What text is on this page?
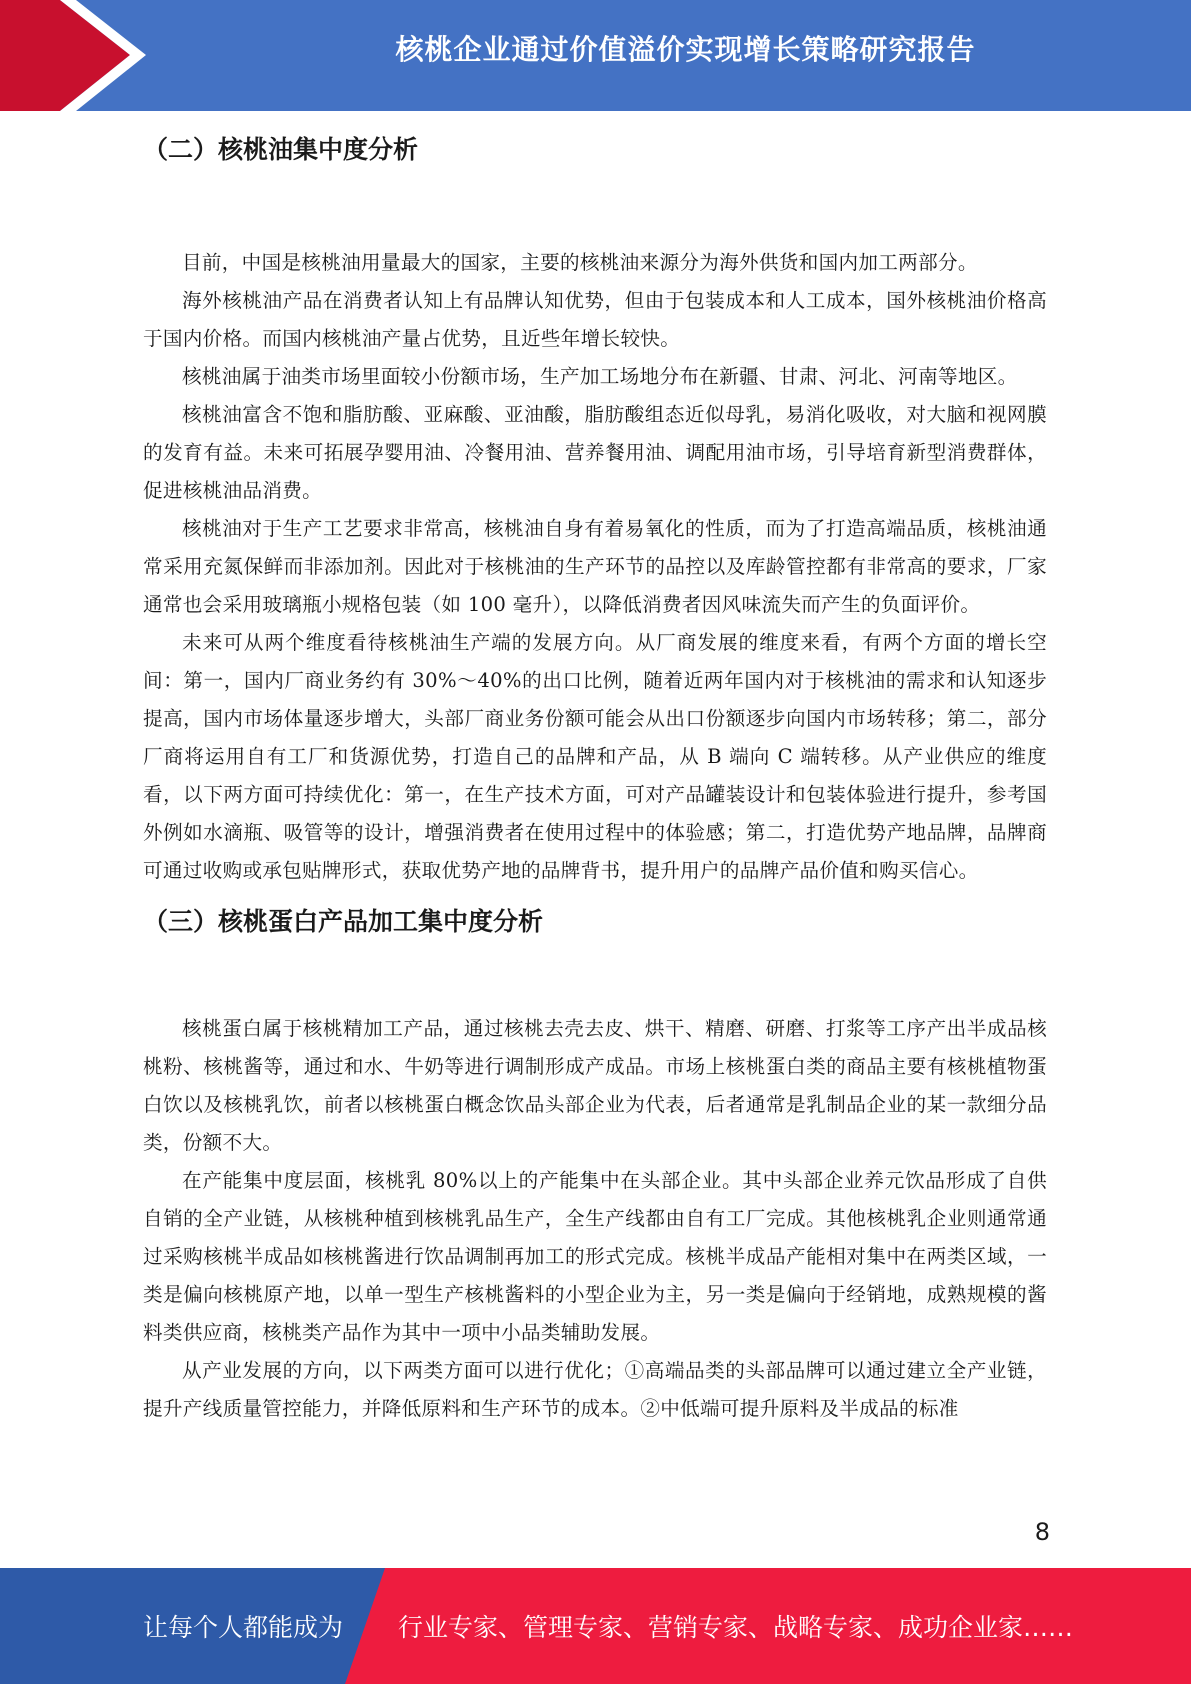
核桃企业通过价值溢价实现增长策略研究报告
（二）核桃油集中度分析

目前，中国是核桃油用量最大的国家，主要的核桃油来源分为海外供货和国内加工两部分。

海外核桃油产品在消费者认知上有品牌认知优势，但由于包装成本和人工成本，国外核桃油价格高于国内价格。而国内核桃油产量占优势，且近些年增长较快。

核桃油属于油类市场里面较小份额市场，生产加工场地分布在新疆、甘肃、河北、河南等地区。

核桃油富含不饱和脂肪酸、亚麻酸、亚油酸，脂肪酸组态近似母乳，易消化吸收，对大脑和视网膜的发育有益。未来可拓展孕婴用油、冷餐用油、营养餐用油、调配用油市场，引导培育新型消费群体，促进核桃油品消费。

核桃油对于生产工艺要求非常高，核桃油自身有着易氧化的性质，而为了打造高端品质，核桃油通常采用充氮保鲜而非添加剂。因此对于核桃油的生产环节的品控以及库龄管控都有非常高的要求，厂家通常也会采用玻璃瓶小规格包装（如 100 毫升），以降低消费者因风味流失而产生的负面评价。

未来可从两个维度看待核桃油生产端的发展方向。从厂商发展的维度来看，有两个方面的增长空间：第一，国内厂商业务约有 30%～40%的出口比例，随着近两年国内对于核桃油的需求和认知逐步提高，国内市场体量逐步增大，头部厂商业务份额可能会从出口份额逐步向国内市场转移；第二，部分厂商将运用自有工厂和货源优势，打造自己的品牌和产品，从 B 端向 C 端转移。从产业供应的维度看，以下两方面可持续优化：第一，在生产技术方面，可对产品罐装设计和包装体验进行提升，参考国外例如水滴瓶、吸管等的设计，增强消费者在使用过程中的体验感；第二，打造优势产地品牌，品牌商可通过收购或承包贴牌形式，获取优势产地的品牌背书，提升用户的品牌产品价值和购买信心。

（三）核桃蛋白产品加工集中度分析

核桃蛋白属于核桃精加工产品，通过核桃去壳去皮、烘干、精磨、研磨、打浆等工序产出半成品核桃粉、核桃酱等，通过和水、牛奶等进行调制形成产成品。市场上核桃蛋白类的商品主要有核桃植物蛋白饮以及核桃乳饮，前者以核桃蛋白概念饮品头部企业为代表，后者通常是乳制品企业的某一款细分品类，份额不大。

在产能集中度层面，核桃乳 80%以上的产能集中在头部企业。其中头部企业养元饮品形成了自供自销的全产业链，从核桃种植到核桃乳品生产，全生产线都由自有工厂完成。其他核桃乳企业则通常通过采购核桃半成品如核桃酱进行饮品调制再加工的形式完成。核桃半成品产能相对集中在两类区域，一类是偏向核桃原产地，以单一型生产核桃酱料的小型企业为主，另一类是偏向于经销地，成熟规模的酱料类供应商，核桃类产品作为其中一项中小品类辅助发展。

从产业发展的方向，以下两类方面可以进行优化；①高端品类的头部品牌可以通过建立全产业链，提升产线质量管控能力，并降低原料和生产环节的成本。②中低端可提升原料及半成品的标准

8
让每个人都能成为 行业专家、管理专家、营销专家、战略专家、成功企业家……
